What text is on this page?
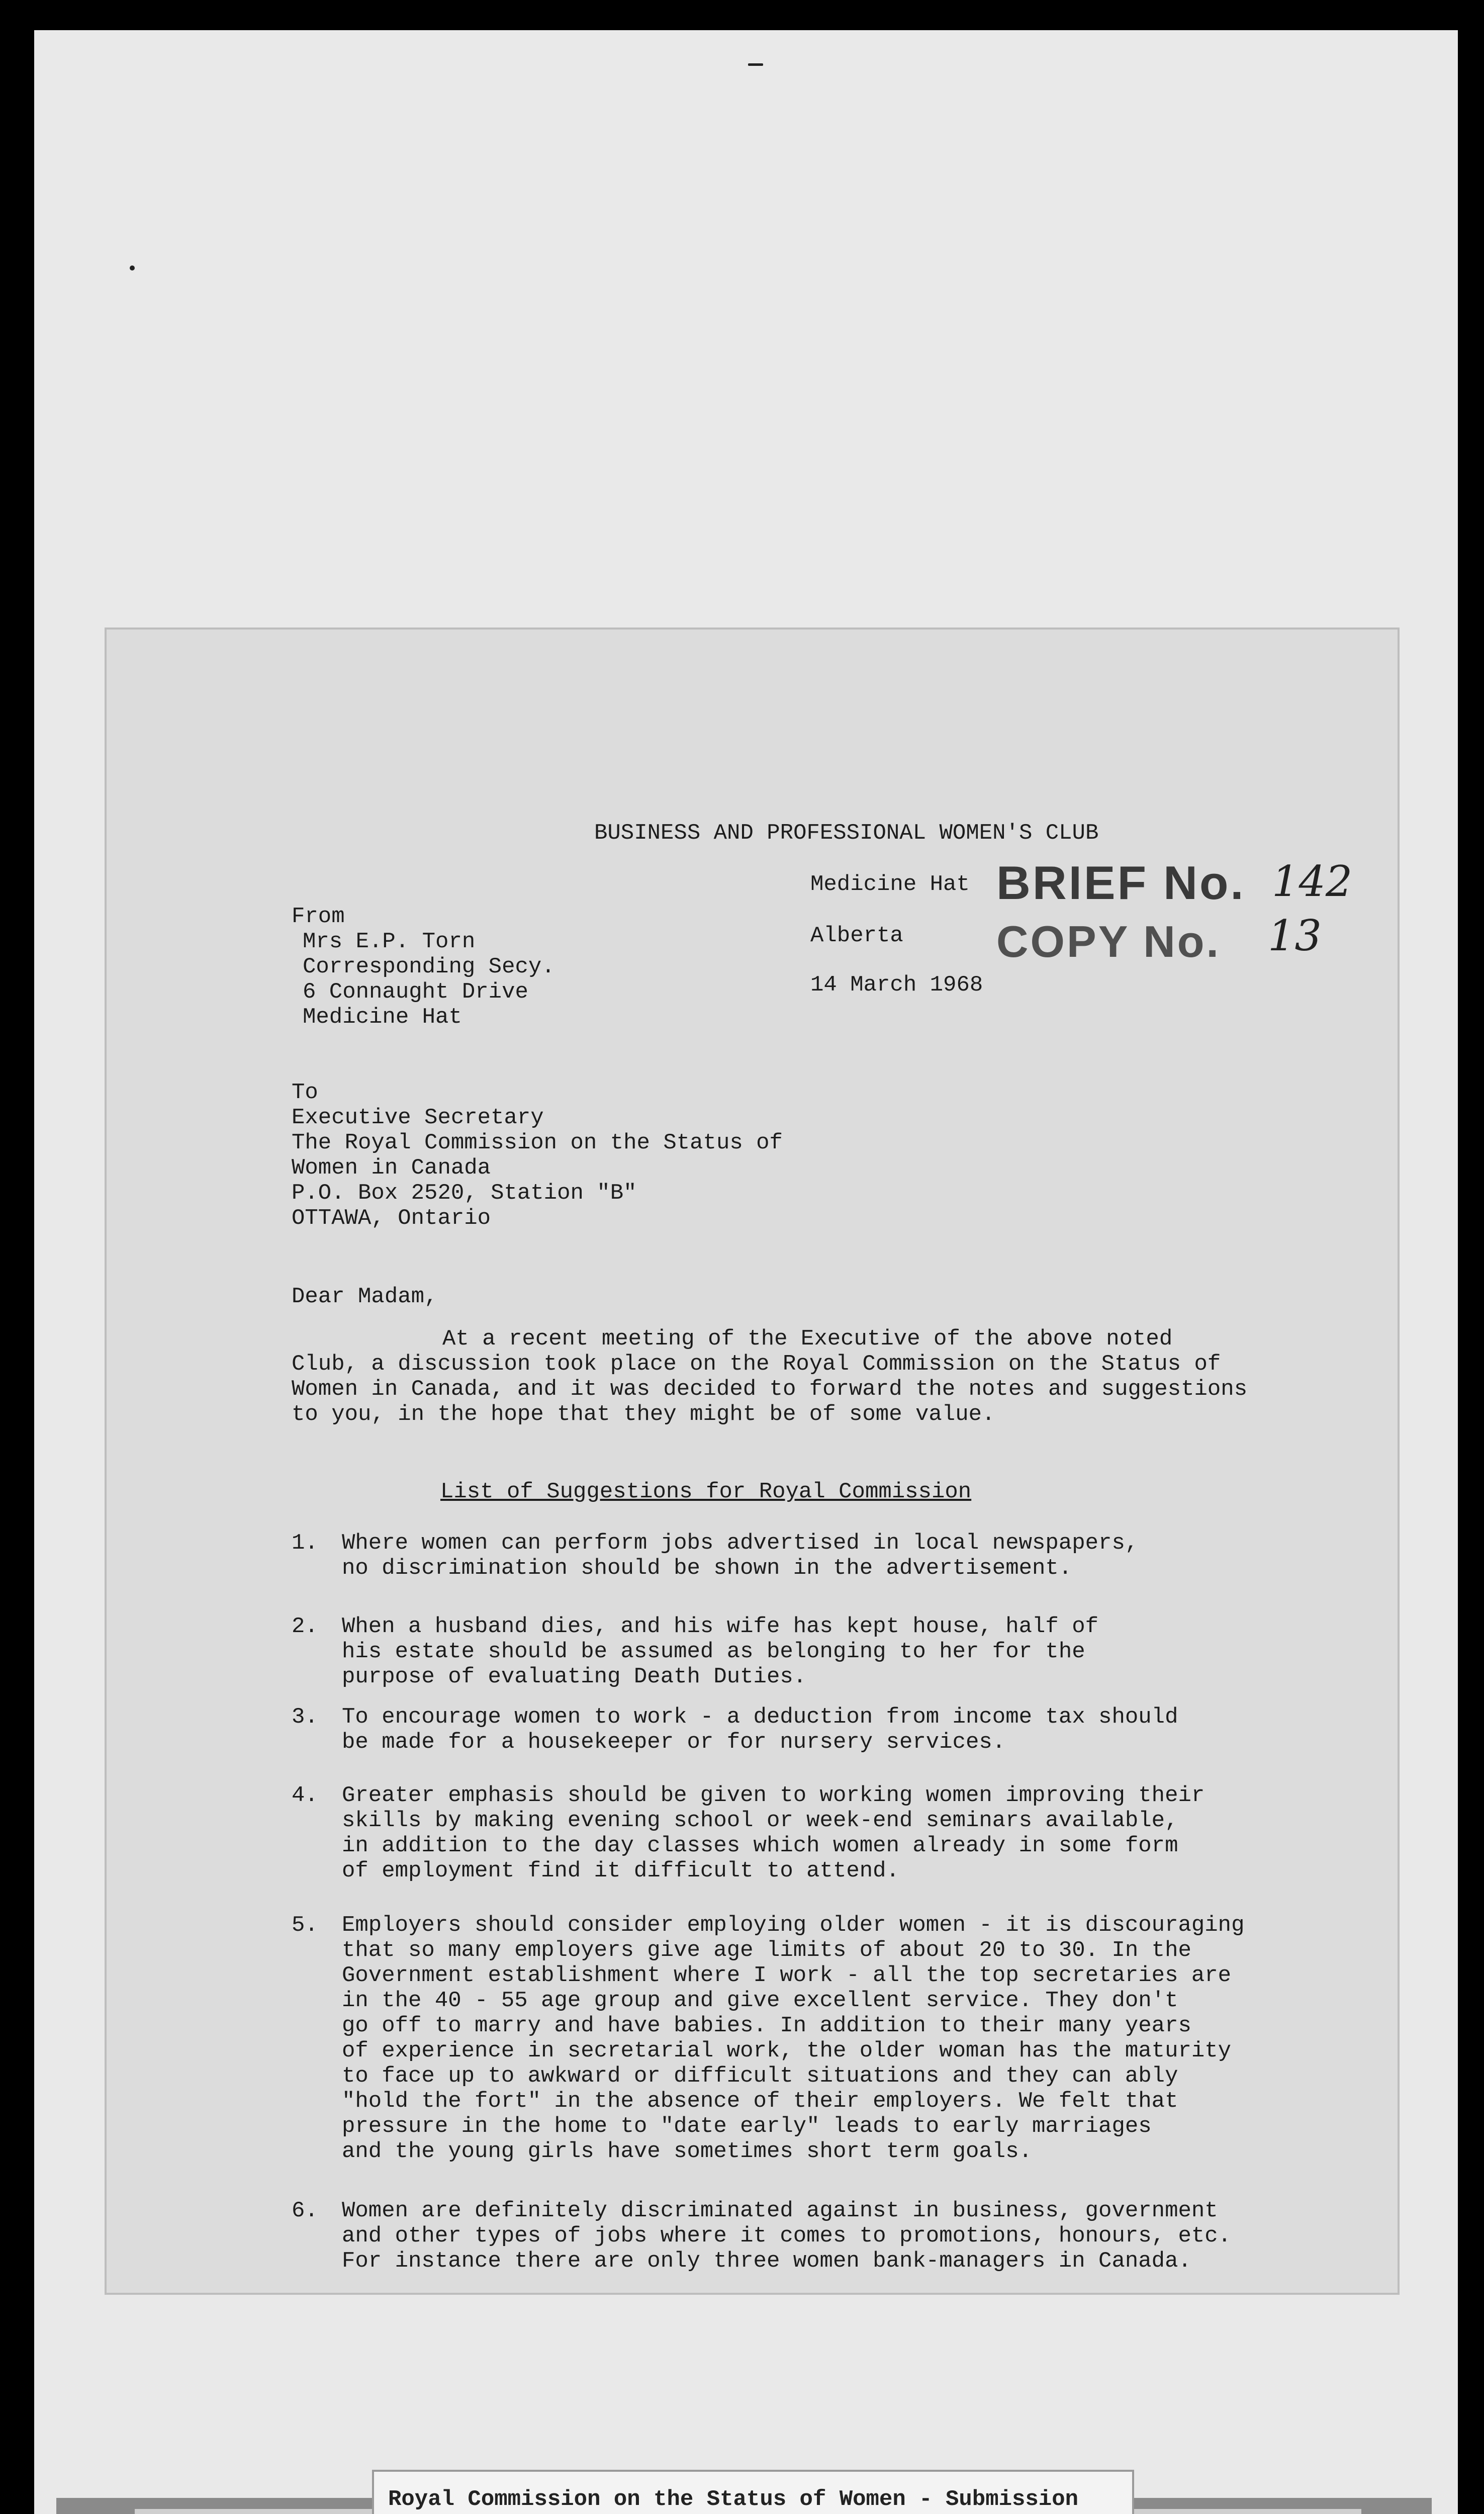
BUSINESS AND PROFESSIONAL WOMEN'S CLUB
Medicine Hat
Alberta
14 March 1968
BRIEF No. 142
COPY No. 13
From
Mrs E.P. Torn
Corresponding Secy.
6 Connaught Drive
Medicine Hat
To
Executive Secretary
The Royal Commission on the Status of
Women in Canada
P.O. Box 2520, Station "B"
OTTAWA, Ontario
Dear Madam,
At a recent meeting of the Executive of the above noted
Club, a discussion took place on the Royal Commission on the Status of
Women in Canada, and it was decided to forward the notes and suggestions
to you, in the hope that they might be of some value.
List of Suggestions for Royal Commission
1. Where women can perform jobs advertised in local newspapers,
no discrimination should be shown in the advertisement.
2. When a husband dies, and his wife has kept house, half of
his estate should be assumed as belonging to her for the
purpose of evaluating Death Duties.
3. To encourage women to work - a deduction from income tax should
be made for a housekeeper or for nursery services.
4. Greater emphasis should be given to working women improving their
skills by making evening school or week-end seminars available,
in addition to the day classes which women already in some form
of employment find it difficult to attend.
5. Employers should consider employing older women - it is discouraging
that so many employers give age limits of about 20 to 30. In the
Government establishment where I work - all the top secretaries are
in the 40 - 55 age group and give excellent service. They don't
go off to marry and have babies. In addition to their many years
of experience in secretarial work, the older woman has the maturity
to face up to awkward or difficult situations and they can ably
"hold the fort" in the absence of their employers. We felt that
pressure in the home to "date early" leads to early marriages
and the young girls have sometimes short term goals.
6. Women are definitely discriminated against in business, government
and other types of jobs where it comes to promotions, honours, etc.
For instance there are only three women bank-managers in Canada.
Royal Commission on the Status of Women - Submission
